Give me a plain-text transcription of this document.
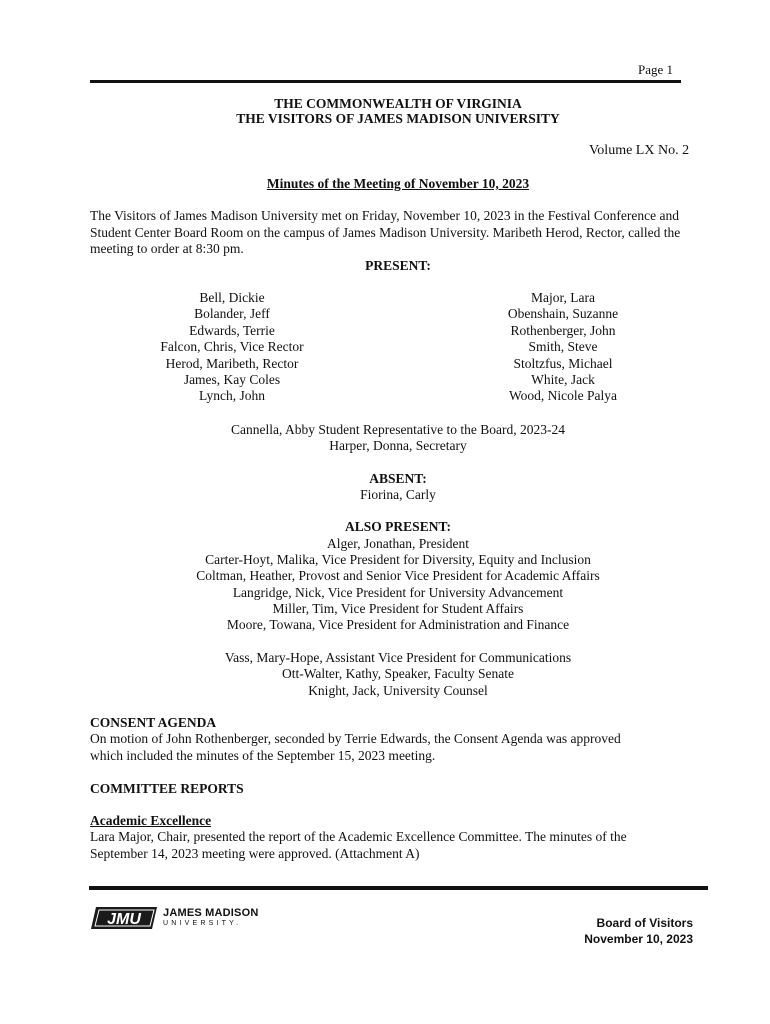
Page 1
THE COMMONWEALTH OF VIRGINIA
THE VISITORS OF JAMES MADISON UNIVERSITY
Volume LX No. 2
Minutes of the Meeting of November 10, 2023
The Visitors of James Madison University met on Friday, November 10, 2023 in the Festival Conference and Student Center Board Room on the campus of James Madison University. Maribeth Herod, Rector, called the meeting to order at 8:30 pm.
PRESENT:
Bell, Dickie
Bolander, Jeff
Edwards, Terrie
Falcon, Chris, Vice Rector
Herod, Maribeth, Rector
James, Kay Coles
Lynch, John
Major, Lara
Obenshain, Suzanne
Rothenberger, John
Smith, Steve
Stoltzfus, Michael
White, Jack
Wood, Nicole Palya
Cannella, Abby Student Representative to the Board, 2023-24
Harper, Donna, Secretary
ABSENT:
Fiorina, Carly
ALSO PRESENT:
Alger, Jonathan, President
Carter-Hoyt, Malika, Vice President for Diversity, Equity and Inclusion
Coltman, Heather, Provost and Senior Vice President for Academic Affairs
Langridge, Nick, Vice President for University Advancement
Miller, Tim, Vice President for Student Affairs
Moore, Towana, Vice President for Administration and Finance
Vass, Mary-Hope, Assistant Vice President for Communications
Ott-Walter, Kathy, Speaker, Faculty Senate
Knight, Jack, University Counsel
CONSENT AGENDA
On motion of John Rothenberger, seconded by Terrie Edwards, the Consent Agenda was approved which included the minutes of the September 15, 2023 meeting.
COMMITTEE REPORTS
Academic Excellence
Lara Major, Chair, presented the report of the Academic Excellence Committee. The minutes of the September 14, 2023 meeting were approved. (Attachment A)
JMU JAMES MADISON
UNIVERSITY.	Board of Visitors
November 10, 2023
